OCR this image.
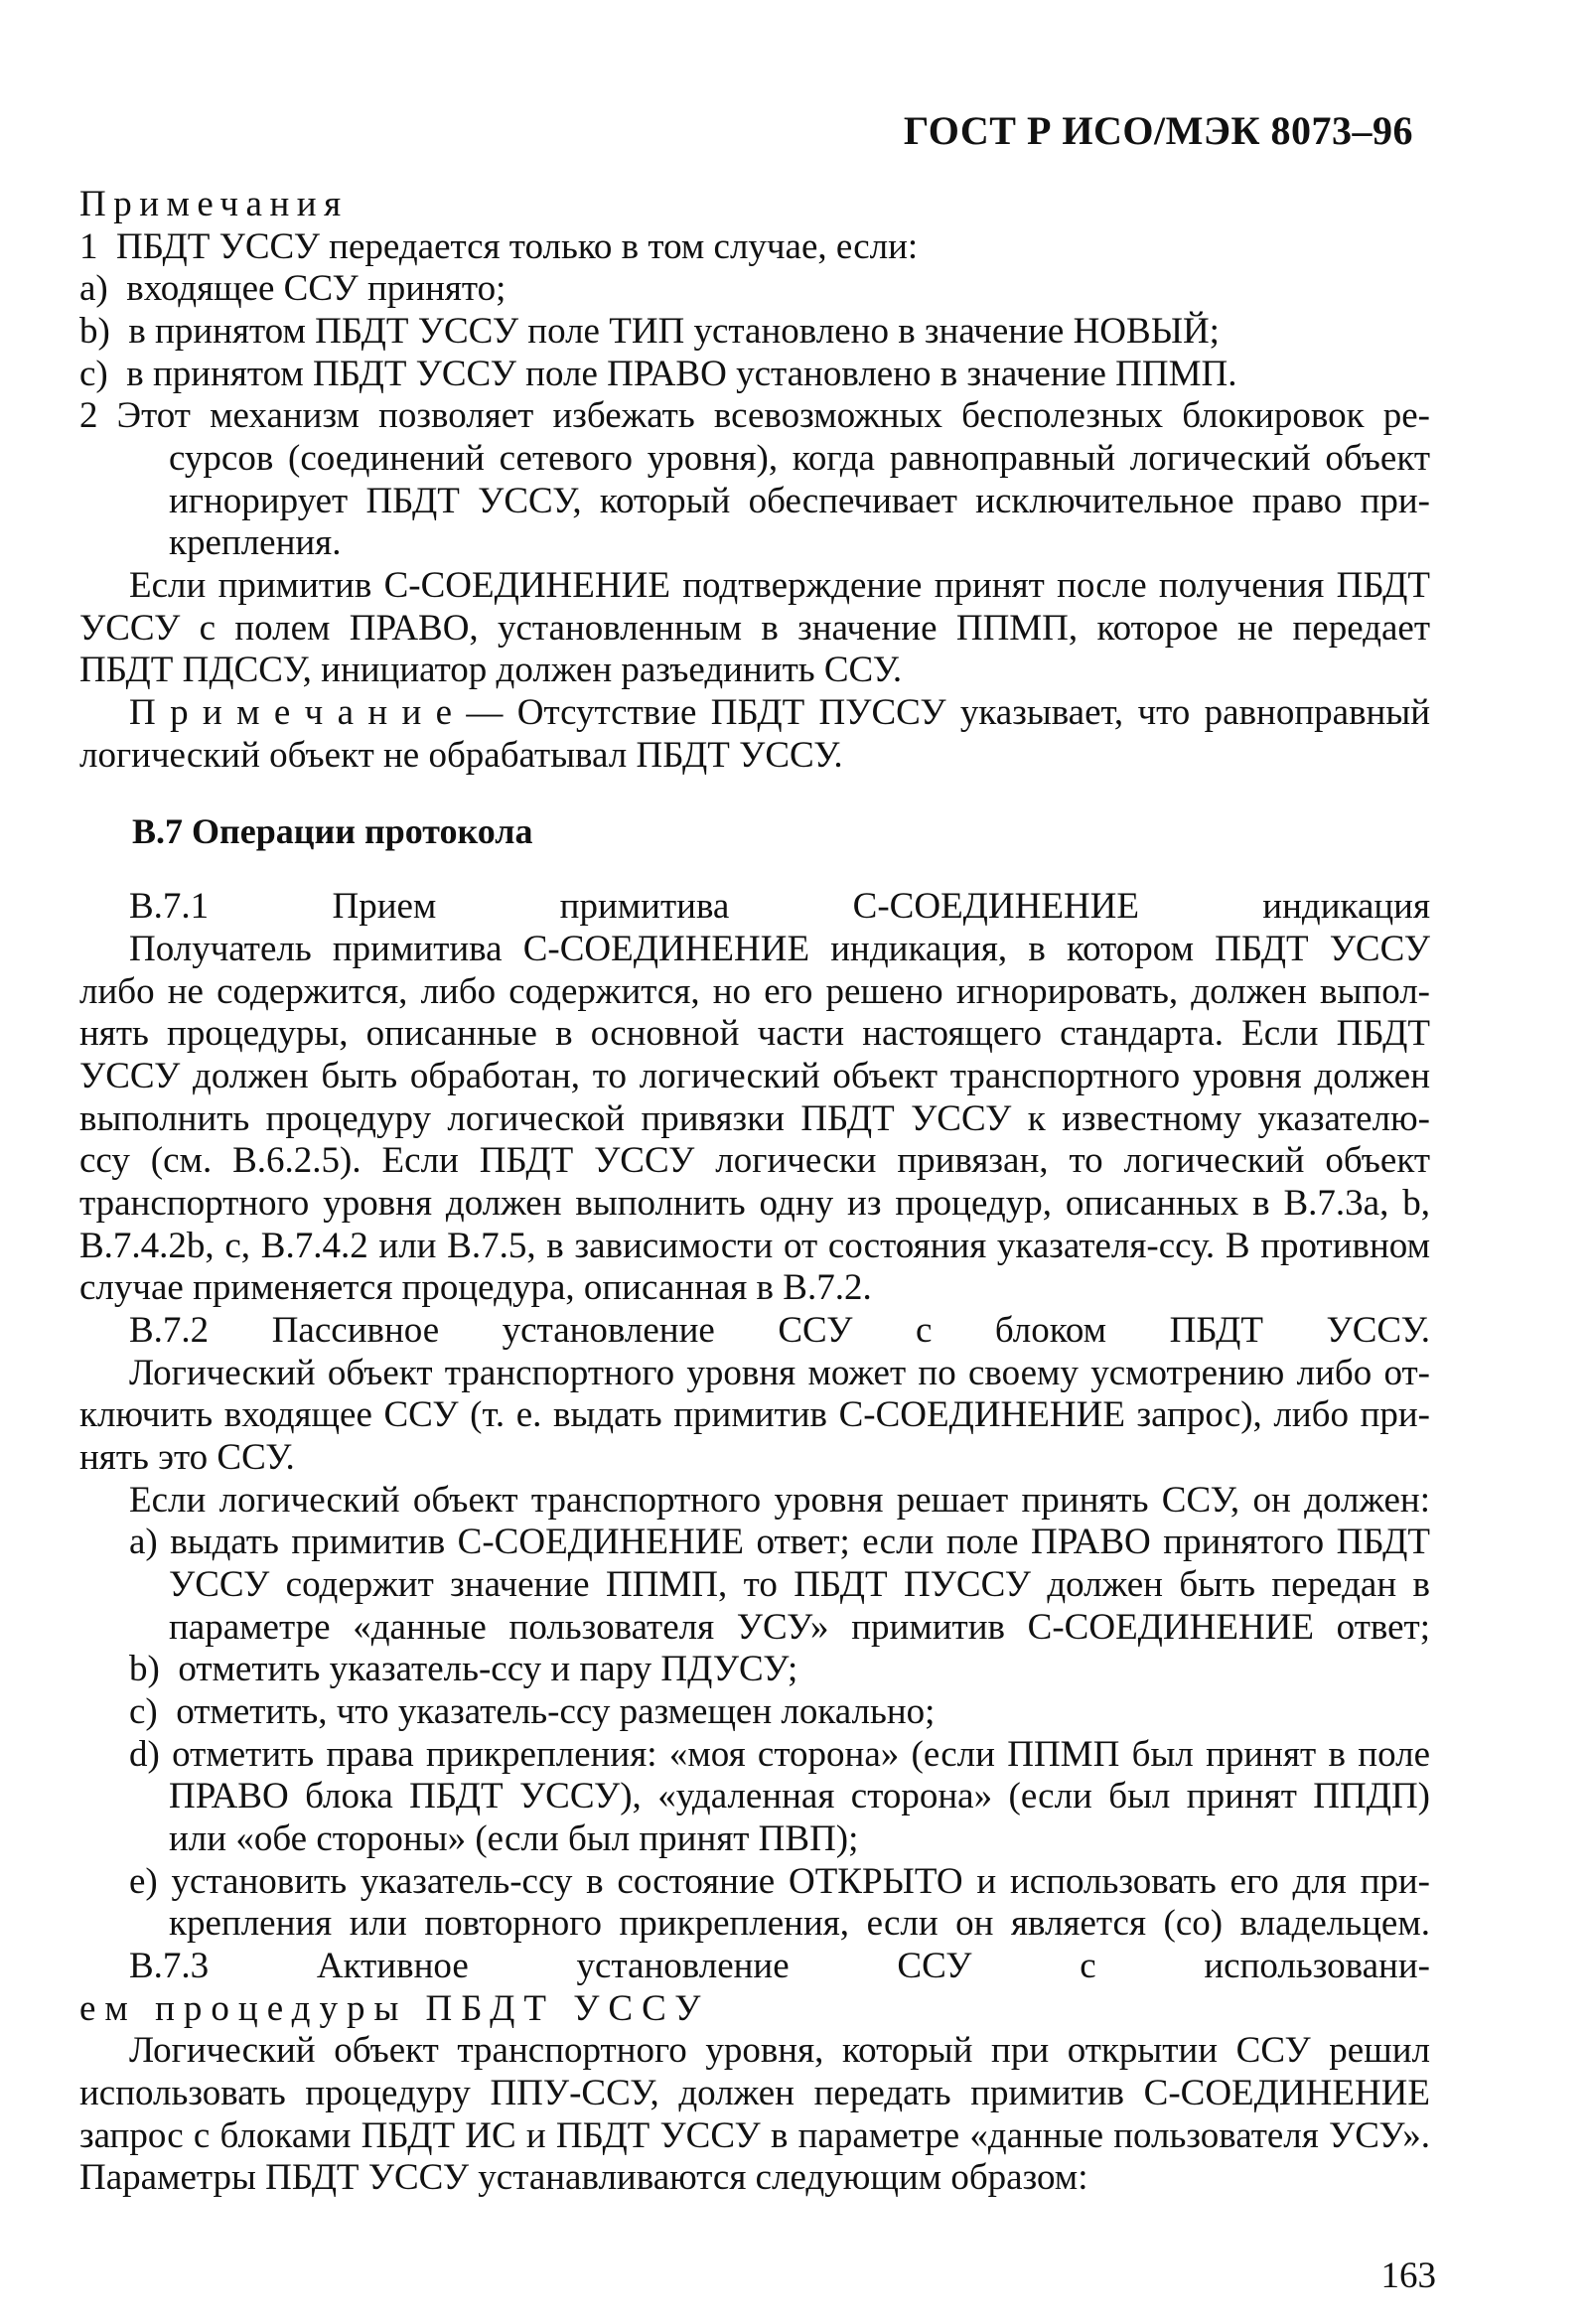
ГОСТ Р ИСО/МЭК 8073–96
Примечания
1  ПБДТ УССУ передается только в том случае, если:
a)  входящее ССУ принято;
b)  в принятом ПБДТ УССУ поле ТИП установлено в значение НОВЫЙ;
c)  в принятом ПБДТ УССУ поле ПРАВО установлено в значение ППМП.
2 Этот механизм позволяет избежать всевозможных бесполезных блокировок ре-
сурсов (соединений сетевого уровня), когда равноправный логический объект
игнорирует ПБДТ УССУ, который обеспечивает исключительное право при-
крепления.
Если примитив С-СОЕДИНЕНИЕ подтверждение принят после получения ПБДТ
УССУ с полем ПРАВО, установленным в значение ППМП, которое не передает
ПБДТ ПДССУ, инициатор должен разъединить ССУ.
П р и м е ч а н и е — Отсутствие ПБДТ ПУССУ указывает, что равноправный
логический объект не обрабатывал ПБДТ УССУ.
В.7 Операции протокола
В.7.1 Прием примитива С-СОЕДИНЕНИЕ индикация
Получатель примитива С-СОЕДИНЕНИЕ индикация, в котором ПБДТ УССУ
либо не содержится, либо содержится, но его решено игнорировать, должен выпол-
нять процедуры, описанные в основной части настоящего стандарта. Если ПБДТ
УССУ должен быть обработан, то логический объект транспортного уровня должен
выполнить процедуру логической привязки ПБДТ УССУ к известному указателю-
ссу (см. В.6.2.5). Если ПБДТ УССУ логически привязан, то логический объект
транспортного уровня должен выполнить одну из процедур, описанных в В.7.3а, b,
В.7.4.2b, с, В.7.4.2 или В.7.5, в зависимости от состояния указателя-ссу. В противном
случае применяется процедура, описанная в В.7.2.
В.7.2 Пассивное установление ССУ с блоком ПБДТ УССУ.
Логический объект транспортного уровня может по своему усмотрению либо от-
ключить входящее ССУ (т. е. выдать примитив С-СОЕДИНЕНИЕ запрос), либо при-
нять это ССУ.
Если логический объект транспортного уровня решает принять ССУ, он должен:
a) выдать примитив С-СОЕДИНЕНИЕ ответ; если поле ПРАВО принятого ПБДТ
УССУ содержит значение ППМП, то ПБДТ ПУССУ должен быть передан в
параметре «данные пользователя УСУ» примитив С-СОЕДИНЕНИЕ ответ;
b)  отметить указатель-ссу и пару ПДУСУ;
c)  отметить, что указатель-ссу размещен локально;
d) отметить права прикрепления: «моя сторона» (если ППМП был принят в поле
ПРАВО блока ПБДТ УССУ), «удаленная сторона» (если был принят ППДП)
или «обе стороны» (если был принят ПВП);
e) установить указатель-ссу в состояние ОТКРЫТО и использовать его для при-
крепления или повторного прикрепления, если он является (со) владельцем.
В.7.3 Активное установление ССУ с использовани-
ем процедуры ПБДТ УССУ
Логический объект транспортного уровня, который при открытии ССУ решил
использовать процедуру ППУ-ССУ, должен передать примитив С-СОЕДИНЕНИЕ
запрос с блоками ПБДТ ИС и ПБДТ УССУ в параметре «данные пользователя УСУ».
Параметры ПБДТ УССУ устанавливаются следующим образом:
163
